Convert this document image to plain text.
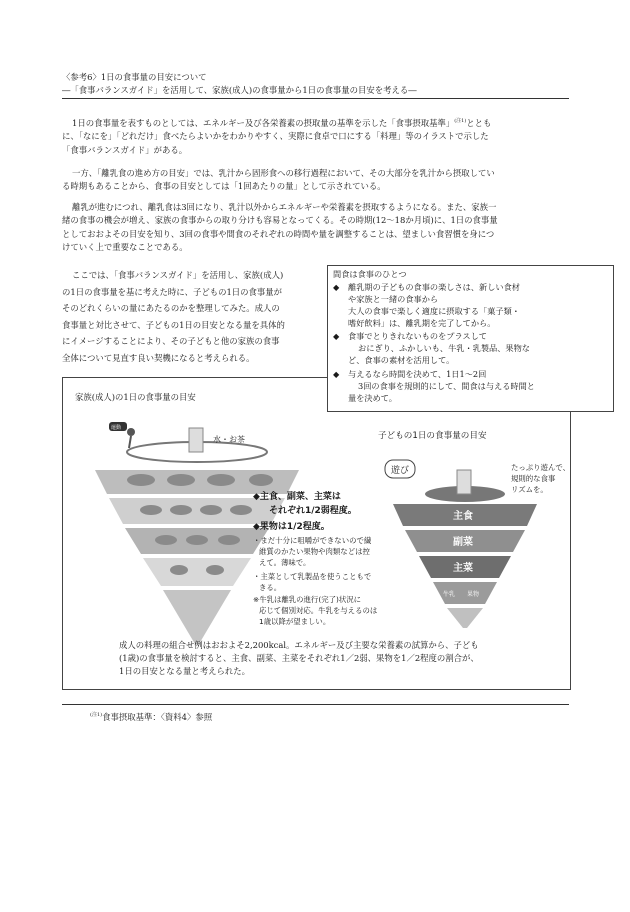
〈参考6〉1日の食事量の目安について
―「食事バランスガイド」を活用して、家族(成人)の食事量から1日の食事量の目安を考える―
1日の食事量を表すものとしては、エネルギー及び各栄養素の摂取量の基準を示した「食事摂取基準」$^{(注1)}$ととも
に、「なにを」「どれだけ」食べたらよいかをわかりやすく、実際に食卓で口にする「料理」等のイラストで示した
「食事バランスガイド」がある。
一方、「離乳食の進め方の目安」では、乳汁から固形食への移行過程において、その大部分を乳汁から摂取してい
る時期もあることから、食事の目安としては「1回あたりの量」として示されている。
離乳が進むにつれ、離乳食は3回になり、乳汁以外からエネルギーや栄養素を摂取するようになる。また、家族一
緒の食事の機会が増え、家族の食事からの取り分けも容易となってくる。その時期(12～18か月頃)に、1日の食事量
としておおよその目安を知り、3回の食事や間食のそれぞれの時間や量を調整することは、望ましい食習慣を身につ
けていく上で重要なことである。
ここでは、「食事バランスガイド」を活用し、家族(成人)
の1日の食事量を基に考えた時に、子どもの1日の食事量が
そのどれくらいの量にあたるのかを整理してみた。成人の
食事量と対比させて、子どもの1日の目安となる量を具体的
にイメージすることにより、その子どもと他の家族の食事
全体について見直す良い契機になると考えられる。
家族(成人)の1日の食事量の目安
運動
水・お茶
◆主食、副菜、主菜は
それぞれ1/2弱程度。
◆果物は1/2程度。
・まだ十分に咀嚼ができないので繊
維質のかたい果物や肉類などは控
えて。薄味で。
・主菜として乳製品を使うこともで
きる。
※牛乳は離乳の進行(完了)状況に
応じて個別対応。牛乳を与えるのは
1歳以降が望ましい。
子どもの1日の食事量の目安
遊び
主食
副菜
主菜
牛乳 果物
たっぷり遊んで、
規則的な食事
リズムを。
成人の料理の組合せ例はおおよそ2,200kcal。エネルギー及び主要な栄養素の試算から、子ども
(1歳)の食事量を検討すると、主食、副菜、主菜をそれぞれ1／2弱、果物を1／2程度の割合が、
1日の目安となる量と考えられた。
間食は食事のひとつ
◆ 離乳期の子どもの食事の楽しさは、新しい食材
や家族と一緒の食事から
大人の食事で楽しく適度に摂取する「菓子類・
嗜好飲料」は、離乳期を完了してから。
◆ 食事でとりきれないものをプラスして
おにぎり、ふかしいも、牛乳・乳製品、果物な
ど、食事の素材を活用して。
◆ 与えるなら時間を決めて、1日1～2回
3回の食事を規則的にして、間食は与える時間と
量を決めて。
$^{(注1)}$食事摂取基準：〈資料4〉参照
